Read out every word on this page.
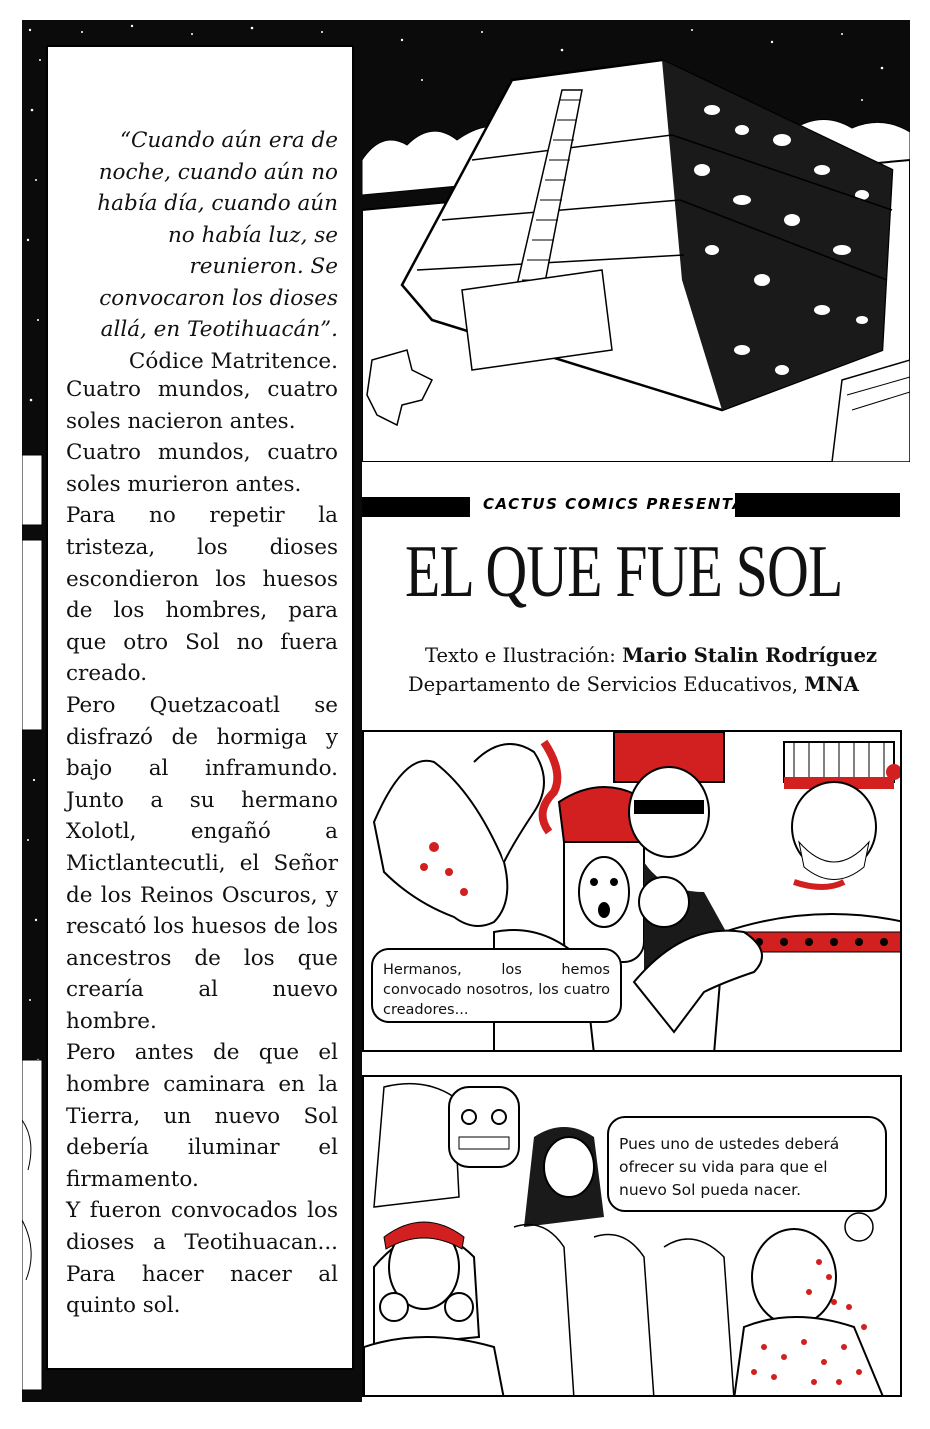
“Cuando aún era de noche, cuando aún no había día, cuando aún no había luz, se reunieron. Se convocaron los dioses allá, en Teotihuacán”.
Códice Matritence.

Cuatro mundos, cuatro soles nacieron antes.

Cuatro mundos, cuatro soles murieron antes.

Para no repetir la tristeza, los dioses escondieron los huesos de los hombres, para que otro Sol no fuera creado.

Pero Quetzacoatl se disfrazó de hormiga y bajo al inframundo. Junto a su hermano Xolotl, engañó a Mictlantecutli, el Señor de los Reinos Oscuros, y rescató los huesos de los ancestros de los que crearía al nuevo hombre.

Pero antes de que el hombre caminara en la Tierra, un nuevo Sol debería iluminar el firmamento.

Y fueron convocados los dioses a Teotihuacan... Para hacer nacer al quinto sol.

CACTUS COMICS PRESENTA...
EL QUE FUE SOL
Texto e Ilustración: Mario Stalin Rodríguez
Departamento de Servicios Educativos, MNA
Hermanos, los hemos convocado nosotros, los cuatro creadores...
Pues uno de ustedes deberá ofrecer su vida para que el nuevo Sol pueda nacer.
